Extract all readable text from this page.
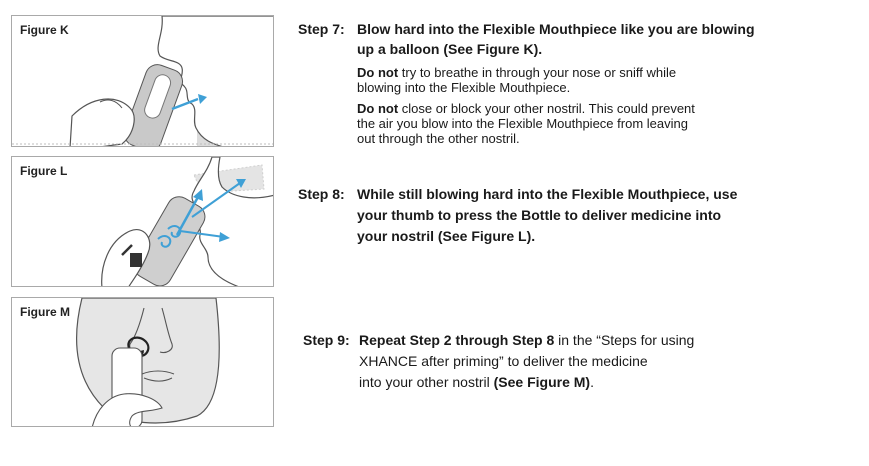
Figure K
Figure L
Figure M
Step 7: Blow hard into the Flexible Mouthpiece like you are blowing
up a balloon (See Figure K).
Do not try to breathe in through your nose or sniff while
blowing into the Flexible Mouthpiece.
Do not close or block your other nostril. This could prevent
the air you blow into the Flexible Mouthpiece from leaving
out through the other nostril.
Step 8: While still blowing hard into the Flexible Mouthpiece, use
your thumb to press the Bottle to deliver medicine into
your nostril (See Figure L).
Step 9: Repeat Step 2 through Step 8 in the “Steps for using
XHANCE after priming” to deliver the medicine
into your other nostril (See Figure M).
